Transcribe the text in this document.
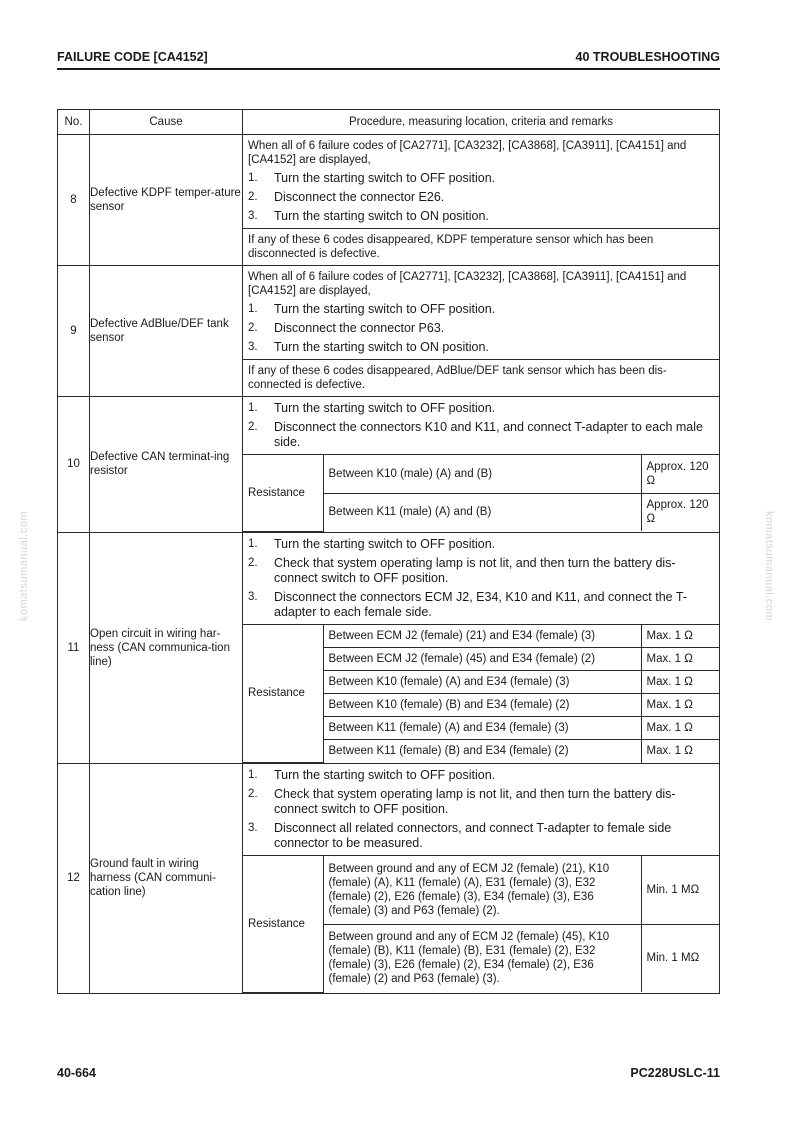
FAILURE CODE [CA4152]	40 TROUBLESHOOTING
komatsumanual.com	komatsumanual.com
No.	Cause	Procedure, measuring location, criteria and remarks
8	Defective KDPF temper-ature sensor	
When all of 6 failure codes of [CA2771], [CA3232], [CA3868], [CA3911], [CA4151] and [CA4152] are displayed,
1.	Turn the starting switch to OFF position.
2.	Disconnect the connector E26.
3.	Turn the starting switch to ON position.
If any of these 6 codes disappeared, KDPF temperature sensor which has been disconnected is defective.

9	Defective AdBlue/DEF tank sensor	
When all of 6 failure codes of [CA2771], [CA3232], [CA3868], [CA3911], [CA4151] and [CA4152] are displayed,
1.	Turn the starting switch to OFF position.
2.	Disconnect the connector P63.
3.	Turn the starting switch to ON position.
If any of these 6 codes disappeared, AdBlue/DEF tank sensor which has been dis-connected is defective.

10	Defective CAN terminat-ing resistor	
1.	Turn the starting switch to OFF position.
2.	Disconnect the connectors K10 and K11, and connect T-adapter to each male side.
Resistance	Between K10 (male) (A) and (B)	Approx. 120 Ω
Between K11 (male) (A) and (B)	Approx. 120 Ω

11	Open circuit in wiring har-ness (CAN communica-tion line)	
1.	Turn the starting switch to OFF position.
2.	Check that system operating lamp is not lit, and then turn the battery dis-connect switch to OFF position.
3.	Disconnect the connectors ECM J2, E34, K10 and K11, and connect the T-adapter to each female side.
Resistance	Between ECM J2 (female) (21) and E34 (female) (3)	Max. 1 Ω
Between ECM J2 (female) (45) and E34 (female) (2)	Max. 1 Ω
Between K10 (female) (A) and E34 (female) (3)	Max. 1 Ω
Between K10 (female) (B) and E34 (female) (2)	Max. 1 Ω
Between K11 (female) (A) and E34 (female) (3)	Max. 1 Ω
Between K11 (female) (B) and E34 (female) (2)	Max. 1 Ω

12	Ground fault in wiring harness (CAN communi-cation line)	
1.	Turn the starting switch to OFF position.
2.	Check that system operating lamp is not lit, and then turn the battery dis-connect switch to OFF position.
3.	Disconnect all related connectors, and connect T-adapter to female side connector to be measured.
Resistance	Between ground and any of ECM J2 (female) (21), K10 (female) (A), K11 (female) (A), E31 (female) (3), E32 (female) (2), E26 (female) (3), E34 (female) (3), E36 (female) (3) and P63 (female) (2).	Min. 1 MΩ
Between ground and any of ECM J2 (female) (45), K10 (female) (B), K11 (female) (B), E31 (female) (2), E32 (female) (3), E26 (female) (2), E34 (female) (2), E36 (female) (2) and P63 (female) (3).	Min. 1 MΩ
40-664	PC228USLC-11
